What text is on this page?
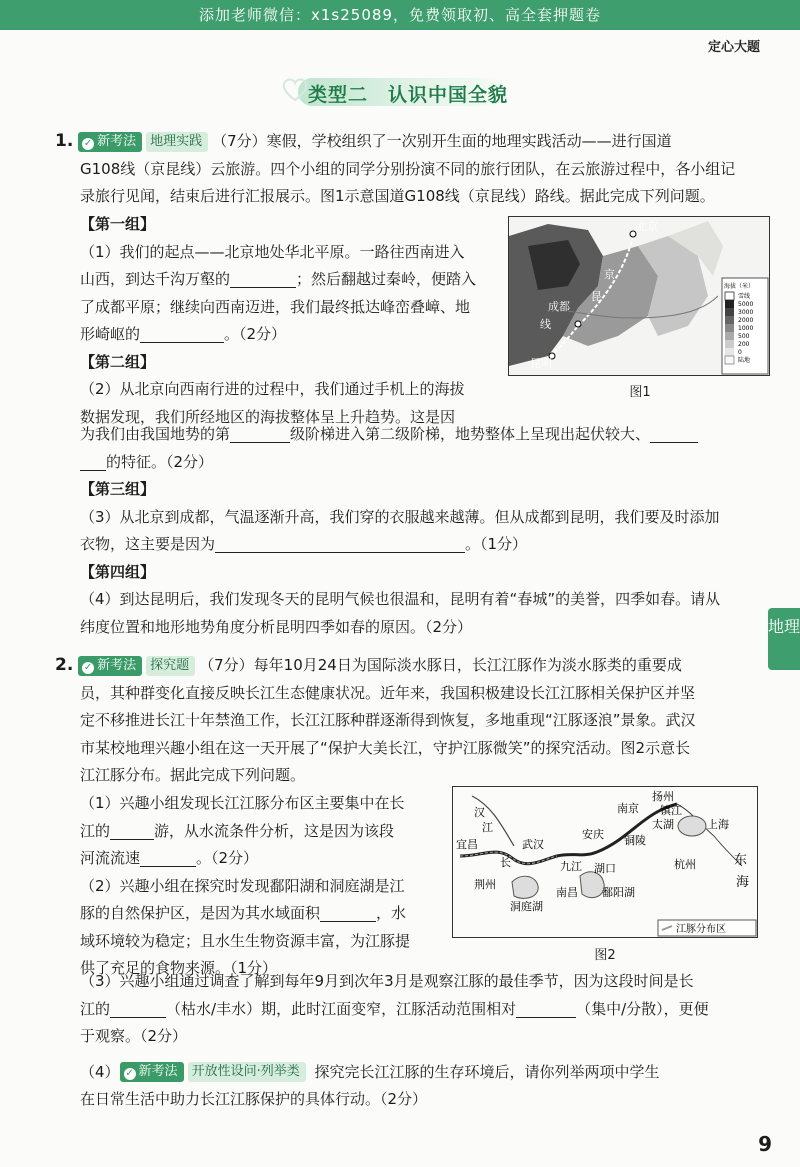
添加老师微信：x1s25089，免费领取初、高全套押题卷
定心大题
类型二　认识中国全貌
1. ✓ 新考法 地理实践 （7分）寒假，学校组织了一次别开生面的地理实践活动——进行国道
G108线（京昆线）云旅游。四个小组的同学分别扮演不同的旅行团队，在云旅游过程中，各小组记
录旅行见闻，结束后进行汇报展示。图1示意国道G108线（京昆线）路线。据此完成下列问题。
【第一组】
（1）我们的起点——北京地处华北平原。一路往西南进入
山西，到达千沟万壑的	；然后翻越过秦岭，便踏入
了成都平原；继续向西南迈进，我们最终抵达峰峦叠嶂、地
形崎岖的	。（2分）
【第二组】
（2）从北京向西南行进的过程中，我们通过手机上的海拔
数据发现，我们所经地区的海拔整体呈上升趋势。这是因
为我们由我国地势的第	级阶梯进入第二级阶梯，地势整体上呈现出起伏较大、
的特征。（2分）
【第三组】
（3）从北京到成都，气温逐渐升高，我们穿的衣服越来越薄。但从成都到昆明，我们要及时添加
衣物，这主要是因为	。（1分）
【第四组】
（4）到达昆明后，我们发现冬天的昆明气候也很温和，昆明有着“春城”的美誉，四季如春。请从
纬度位置和地形地势角度分析昆明四季如春的原因。（2分）
北京
成都
昆明
京
昆
线
海拔（米）
雪线
5000
3000
2000
1000
500
200
0
陆地
图1
地理
2. ✓ 新考法 探究题 （7分）每年10月24日为国际淡水豚日，长江江豚作为淡水豚类的重要成
员，其种群变化直接反映长江生态健康状况。近年来，我国积极建设长江江豚相关保护区并坚
定不移推进长江十年禁渔工作，长江江豚种群逐渐得到恢复，多地重现“江豚逐浪”景象。武汉
市某校地理兴趣小组在这一天开展了“保护大美长江，守护江豚微笑”的探究活动。图2示意长
江江豚分布。据此完成下列问题。
（1）兴趣小组发现长江江豚分布区主要集中在长
江的	游，从水流条件分析，这是因为该段
河流流速	。（2分）
（2）兴趣小组在探究时发现鄱阳湖和洞庭湖是江
豚的自然保护区，是因为其水域面积	，水
域环境较为稳定；且水生生物资源丰富，为江豚提
供了充足的食物来源。（1分）
汉
江
长
宜昌
荆州
武汉
安庆 铜陵
南京
扬州
镇江
太湖	上海
杭州
九江 湖口
南昌 鄱阳湖
洞庭湖
东
海
江豚分布区
图2
（3）兴趣小组通过调查了解到每年9月到次年3月是观察江豚的最佳季节，因为这段时间是长
江的	（枯水/丰水）期，此时江面变窄，江豚活动范围相对	（集中/分散），更便
于观察。（2分）
（4） ✓ 新考法 开放性设问·列举类 探究完长江江豚的生存环境后，请你列举两项中学生
在日常生活中助力长江江豚保护的具体行动。（2分）
9
